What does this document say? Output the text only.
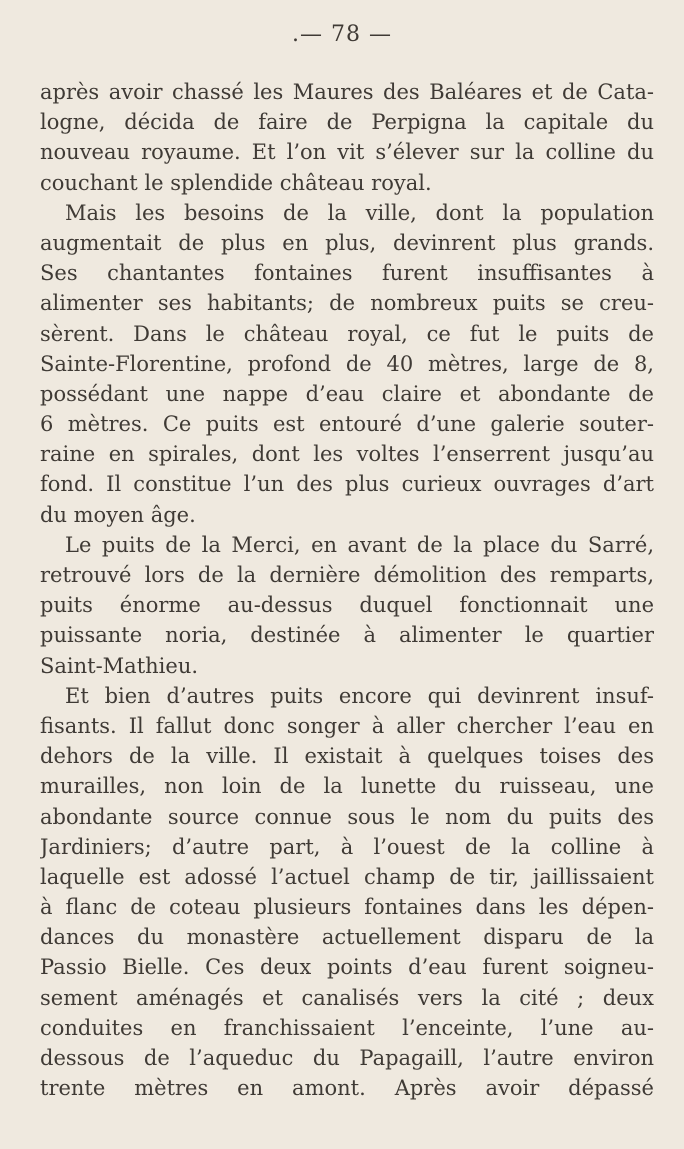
.— 78 —
après avoir chassé les Maures des Baléares et de Cata-
logne, décida de faire de Perpigna la capitale du
nouveau royaume. Et l’on vit s’élever sur la colline du
couchant le splendide château royal.
Mais les besoins de la ville, dont la population
augmentait de plus en plus, devinrent plus grands.
Ses chantantes fontaines furent insuffisantes à
alimenter ses habitants; de nombreux puits se creu-
sèrent. Dans le château royal, ce fut le puits de
Sainte-Florentine, profond de 40 mètres, large de 8,
possédant une nappe d’eau claire et abondante de
6 mètres. Ce puits est entouré d’une galerie souter-
raine en spirales, dont les voltes l’enserrent jusqu’au
fond. Il constitue l’un des plus curieux ouvrages d’art
du moyen âge.
Le puits de la Merci, en avant de la place du Sarré,
retrouvé lors de la dernière démolition des remparts,
puits énorme au-dessus duquel fonctionnait une
puissante noria, destinée à alimenter le quartier
Saint-Mathieu.
Et bien d’autres puits encore qui devinrent insuf-
fisants. Il fallut donc songer à aller chercher l’eau en
dehors de la ville. Il existait à quelques toises des
murailles, non loin de la lunette du ruisseau, une
abondante source connue sous le nom du puits des
Jardiniers; d’autre part, à l’ouest de la colline à
laquelle est adossé l’actuel champ de tir, jaillissaient
à flanc de coteau plusieurs fontaines dans les dépen-
dances du monastère actuellement disparu de la
Passio Bielle. Ces deux points d’eau furent soigneu-
sement aménagés et canalisés vers la cité ; deux
conduites en franchissaient l’enceinte, l’une au-
dessous de l’aqueduc du Papagaill, l’autre environ
trente mètres en amont. Après avoir dépassé
